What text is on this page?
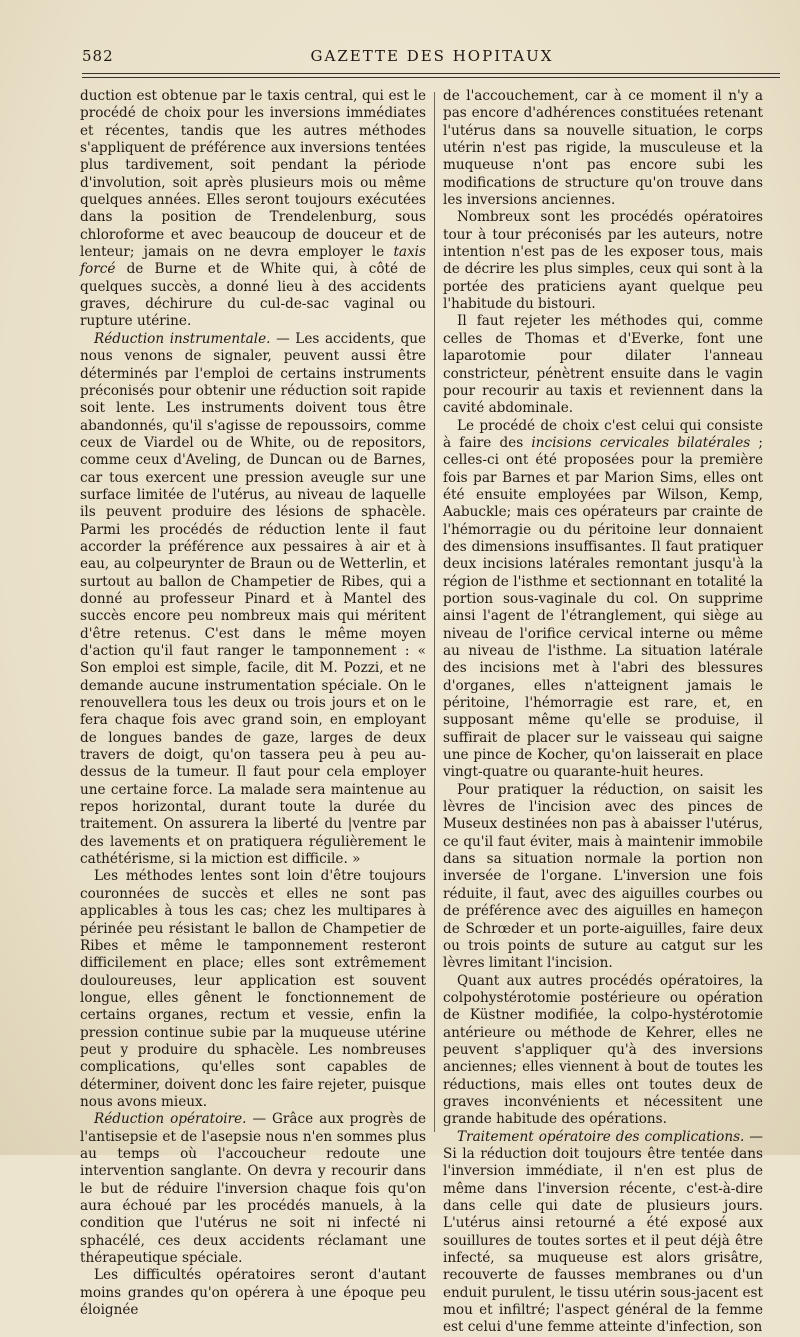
582	GAZETTE DES HOPITAUX

duction est obtenue par le taxis central, qui est le procédé de choix pour les inversions immédiates et récentes, tandis que les autres méthodes s'appliquent de préférence aux inversions tentées plus tardivement, soit pendant la période d'involution, soit après plusieurs mois ou même quelques années. Elles seront toujours exécutées dans la position de Trendelenburg, sous chloroforme et avec beaucoup de douceur et de lenteur; jamais on ne devra employer le taxis forcé de Burne et de White qui, à côté de quelques succès, a donné lieu à des accidents graves, déchirure du cul-de-sac vaginal ou rupture utérine.

Réduction instrumentale. — Les accidents, que nous venons de signaler, peuvent aussi être déterminés par l'emploi de certains instruments préconisés pour obtenir une réduction soit rapide soit lente. Les instruments doivent tous être abandonnés, qu'il s'agisse de repoussoirs, comme ceux de Viardel ou de White, ou de repositors, comme ceux d'Aveling, de Duncan ou de Barnes, car tous exercent une pression aveugle sur une surface limitée de l'utérus, au niveau de laquelle ils peuvent produire des lésions de sphacèle. Parmi les procédés de réduction lente il faut accorder la préférence aux pessaires à air et à eau, au colpeurynter de Braun ou de Wetterlin, et surtout au ballon de Champetier de Ribes, qui a donné au professeur Pinard et à Mantel des succès encore peu nombreux mais qui méritent d'être retenus. C'est dans le même moyen d'action qu'il faut ranger le tamponnement : « Son emploi est simple, facile, dit M. Pozzi, et ne demande aucune instrumentation spéciale. On le renouvellera tous les deux ou trois jours et on le fera chaque fois avec grand soin, en employant de longues bandes de gaze, larges de deux travers de doigt, qu'on tassera peu à peu au-dessus de la tumeur. Il faut pour cela employer une certaine force. La malade sera maintenue au repos horizontal, durant toute la durée du traitement. On assurera la liberté du |ventre par des lavements et on pratiquera régulièrement le cathétérisme, si la miction est difficile. »

Les méthodes lentes sont loin d'être toujours couronnées de succès et elles ne sont pas applicables à tous les cas; chez les multipares à périnée peu résistant le ballon de Champetier de Ribes et même le tamponnement resteront difficilement en place; elles sont extrêmement douloureuses, leur application est souvent longue, elles gênent le fonctionnement de certains organes, rectum et vessie, enfin la pression continue subie par la muqueuse utérine peut y produire du sphacèle. Les nombreuses complications, qu'elles sont capables de déterminer, doivent donc les faire rejeter, puisque nous avons mieux.

Réduction opératoire. — Grâce aux progrès de l'antisepsie et de l'asepsie nous n'en sommes plus au temps où l'accoucheur redoute une intervention sanglante. On devra y recourir dans le but de réduire l'inversion chaque fois qu'on aura échoué par les procédés manuels, à la condition que l'utérus ne soit ni infecté ni sphacélé, ces deux accidents réclamant une thérapeutique spéciale.

Les difficultés opératoires seront d'autant moins grandes qu'on opérera à une époque peu éloignée

de l'accouchement, car à ce moment il n'y a pas encore d'adhérences constituées retenant l'utérus dans sa nouvelle situation, le corps utérin n'est pas rigide, la musculeuse et la muqueuse n'ont pas encore subi les modifications de structure qu'on trouve dans les inversions anciennes.

Nombreux sont les procédés opératoires tour à tour préconisés par les auteurs, notre intention n'est pas de les exposer tous, mais de décrire les plus simples, ceux qui sont à la portée des praticiens ayant quelque peu l'habitude du bistouri.

Il faut rejeter les méthodes qui, comme celles de Thomas et d'Everke, font une laparotomie pour dilater l'anneau constricteur, pénètrent ensuite dans le vagin pour recourir au taxis et reviennent dans la cavité abdominale.

Le procédé de choix c'est celui qui consiste à faire des incisions cervicales bilatérales ; celles-ci ont été proposées pour la première fois par Barnes et par Marion Sims, elles ont été ensuite employées par Wilson, Kemp, Aabuckle; mais ces opérateurs par crainte de l'hémorragie ou du péritoine leur donnaient des dimensions insuffisantes. Il faut pratiquer deux incisions latérales remontant jusqu'à la région de l'isthme et sectionnant en totalité la portion sous-vaginale du col. On supprime ainsi l'agent de l'étranglement, qui siège au niveau de l'orifice cervical interne ou même au niveau de l'isthme. La situation latérale des incisions met à l'abri des blessures d'organes, elles n'atteignent jamais le péritoine, l'hémorragie est rare, et, en supposant même qu'elle se produise, il suffirait de placer sur le vaisseau qui saigne une pince de Kocher, qu'on laisserait en place vingt-quatre ou quarante-huit heures.

Pour pratiquer la réduction, on saisit les lèvres de l'incision avec des pinces de Museux destinées non pas à abaisser l'utérus, ce qu'il faut éviter, mais à maintenir immobile dans sa situation normale la portion non inversée de l'organe. L'inversion une fois réduite, il faut, avec des aiguilles courbes ou de préférence avec des aiguilles en hameçon de Schrœder et un porte-aiguilles, faire deux ou trois points de suture au catgut sur les lèvres limitant l'incision.

Quant aux autres procédés opératoires, la colpohystérotomie postérieure ou opération de Küstner modifiée, la colpo-hystérotomie antérieure ou méthode de Kehrer, elles ne peuvent s'appliquer qu'à des inversions anciennes; elles viennent à bout de toutes les réductions, mais elles ont toutes deux de graves inconvénients et nécessitent une grande habitude des opérations.

Traitement opératoire des complications. — Si la réduction doit toujours être tentée dans l'inversion immédiate, il n'en est plus de même dans l'inversion récente, c'est-à-dire dans celle qui date de plusieurs jours. L'utérus ainsi retourné a été exposé aux souillures de toutes sortes et il peut déjà être infecté, sa muqueuse est alors grisâtre, recouverte de fausses membranes ou d'un enduit purulent, le tissu utérin sous-jacent est mou et infiltré; l'aspect général de la femme est celui d'une femme atteinte d'infection, son
